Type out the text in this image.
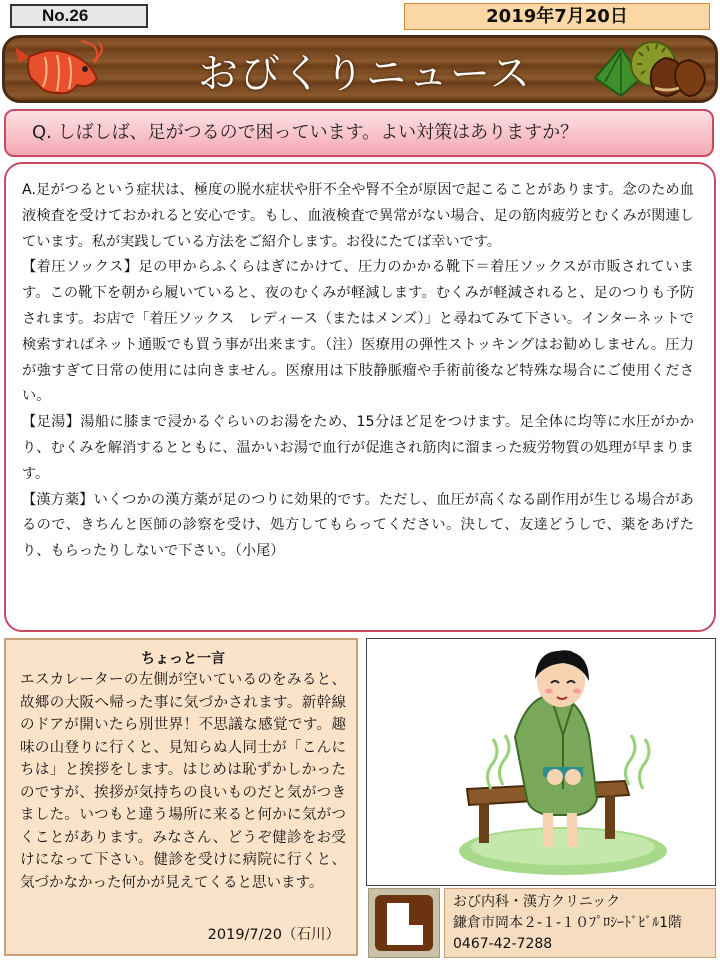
No.26	2019年7月20日
おびくりニュース
Q. しばしば、足がつるので困っています。よい対策はありますか？

A.足がつるという症状は、極度の脱水症状や肝不全や腎不全が原因で起こることがあります。念のため血液検査を受けておかれると安心です。もし、血液検査で異常がない場合、足の筋肉疲労とむくみが関連しています。私が実践している方法をご紹介します。お役にたてば幸いです。

【着圧ソックス】足の甲からふくらはぎにかけて、圧力のかかる靴下＝着圧ソックスが市販されています。この靴下を朝から履いていると、夜のむくみが軽減します。むくみが軽減されると、足のつりも予防されます。お店で「着圧ソックス　レディース（またはメンズ）」と尋ねてみて下さい。インターネットで検索すればネット通販でも買う事が出来ます。（注）医療用の弾性ストッキングはお勧めしません。圧力が強すぎて日常の使用には向きません。医療用は下肢静脈瘤や手術前後など特殊な場合にご使用ください。

【足湯】湯船に膝まで浸かるぐらいのお湯をため、15分ほど足をつけます。足全体に均等に水圧がかかり、むくみを解消するとともに、温かいお湯で血行が促進され筋肉に溜まった疲労物質の処理が早まります。

【漢方薬】いくつかの漢方薬が足のつりに効果的です。ただし、血圧が高くなる副作用が生じる場合があるので、きちんと医師の診察を受け、処方してもらってください。決して、友達どうしで、薬をあげたり、もらったりしないで下さい。（小尾）

ちょっと一言
エスカレーターの左側が空いているのをみると、故郷の大阪へ帰った事に気づかされます。新幹線のドアが開いたら別世界！不思議な感覚です。趣味の山登りに行くと、見知らぬ人同士が「こんにちは」と挨拶をします。はじめは恥ずかしかったのですが、挨拶が気持ちの良いものだと気がつきました。いつもと違う場所に来ると何かに気がつくことがあります。みなさん、どうぞ健診をお受けになって下さい。健診を受けに病院に行くと、気づかなかった何かが見えてくると思います。
2019/7/20（石川）
おび内科・漢方クリニック
鎌倉市岡本２-１-１０ﾌﾟﾛｼｰﾄﾞﾋﾞﾙ1階
0467-42-7288
